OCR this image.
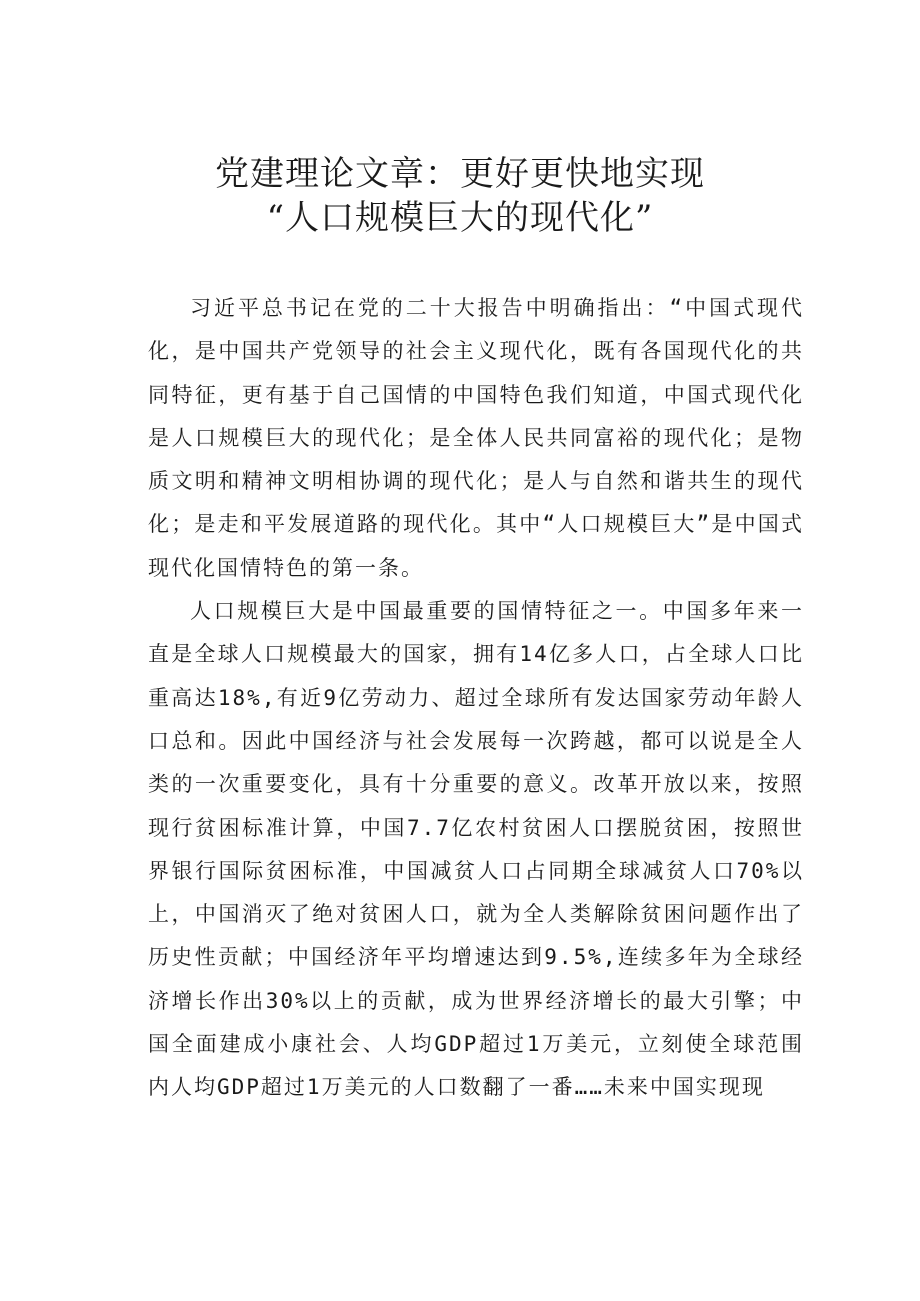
党建理论文章：更好更快地实现
“人口规模巨大的现代化”

习近平总书记在党的二十大报告中明确指出：“中国式现代化，是中国共产党领导的社会主义现代化，既有各国现代化的共同特征，更有基于自己国情的中国特色我们知道，中国式现代化是人口规模巨大的现代化；是全体人民共同富裕的现代化；是物质文明和精神文明相协调的现代化；是人与自然和谐共生的现代化；是走和平发展道路的现代化。其中“人口规模巨大”是中国式现代化国情特色的第一条。

人口规模巨大是中国最重要的国情特征之一。中国多年来一直是全球人口规模最大的国家，拥有14亿多人口，占全球人口比重高达18%,有近9亿劳动力、超过全球所有发达国家劳动年龄人口总和。因此中国经济与社会发展每一次跨越，都可以说是全人类的一次重要变化，具有十分重要的意义。改革开放以来，按照现行贫困标准计算，中国7.7亿农村贫困人口摆脱贫困，按照世界银行国际贫困标准，中国减贫人口占同期全球减贫人口70%以上，中国消灭了绝对贫困人口，就为全人类解除贫困问题作出了历史性贡献；中国经济年平均增速达到9.5%,连续多年为全球经济增长作出30%以上的贡献，成为世界经济增长的最大引擎；中国全面建成小康社会、人均GDP超过1万美元，立刻使全球范围内人均GDP超过1万美元的人口数翻了一番……未来中国实现现
